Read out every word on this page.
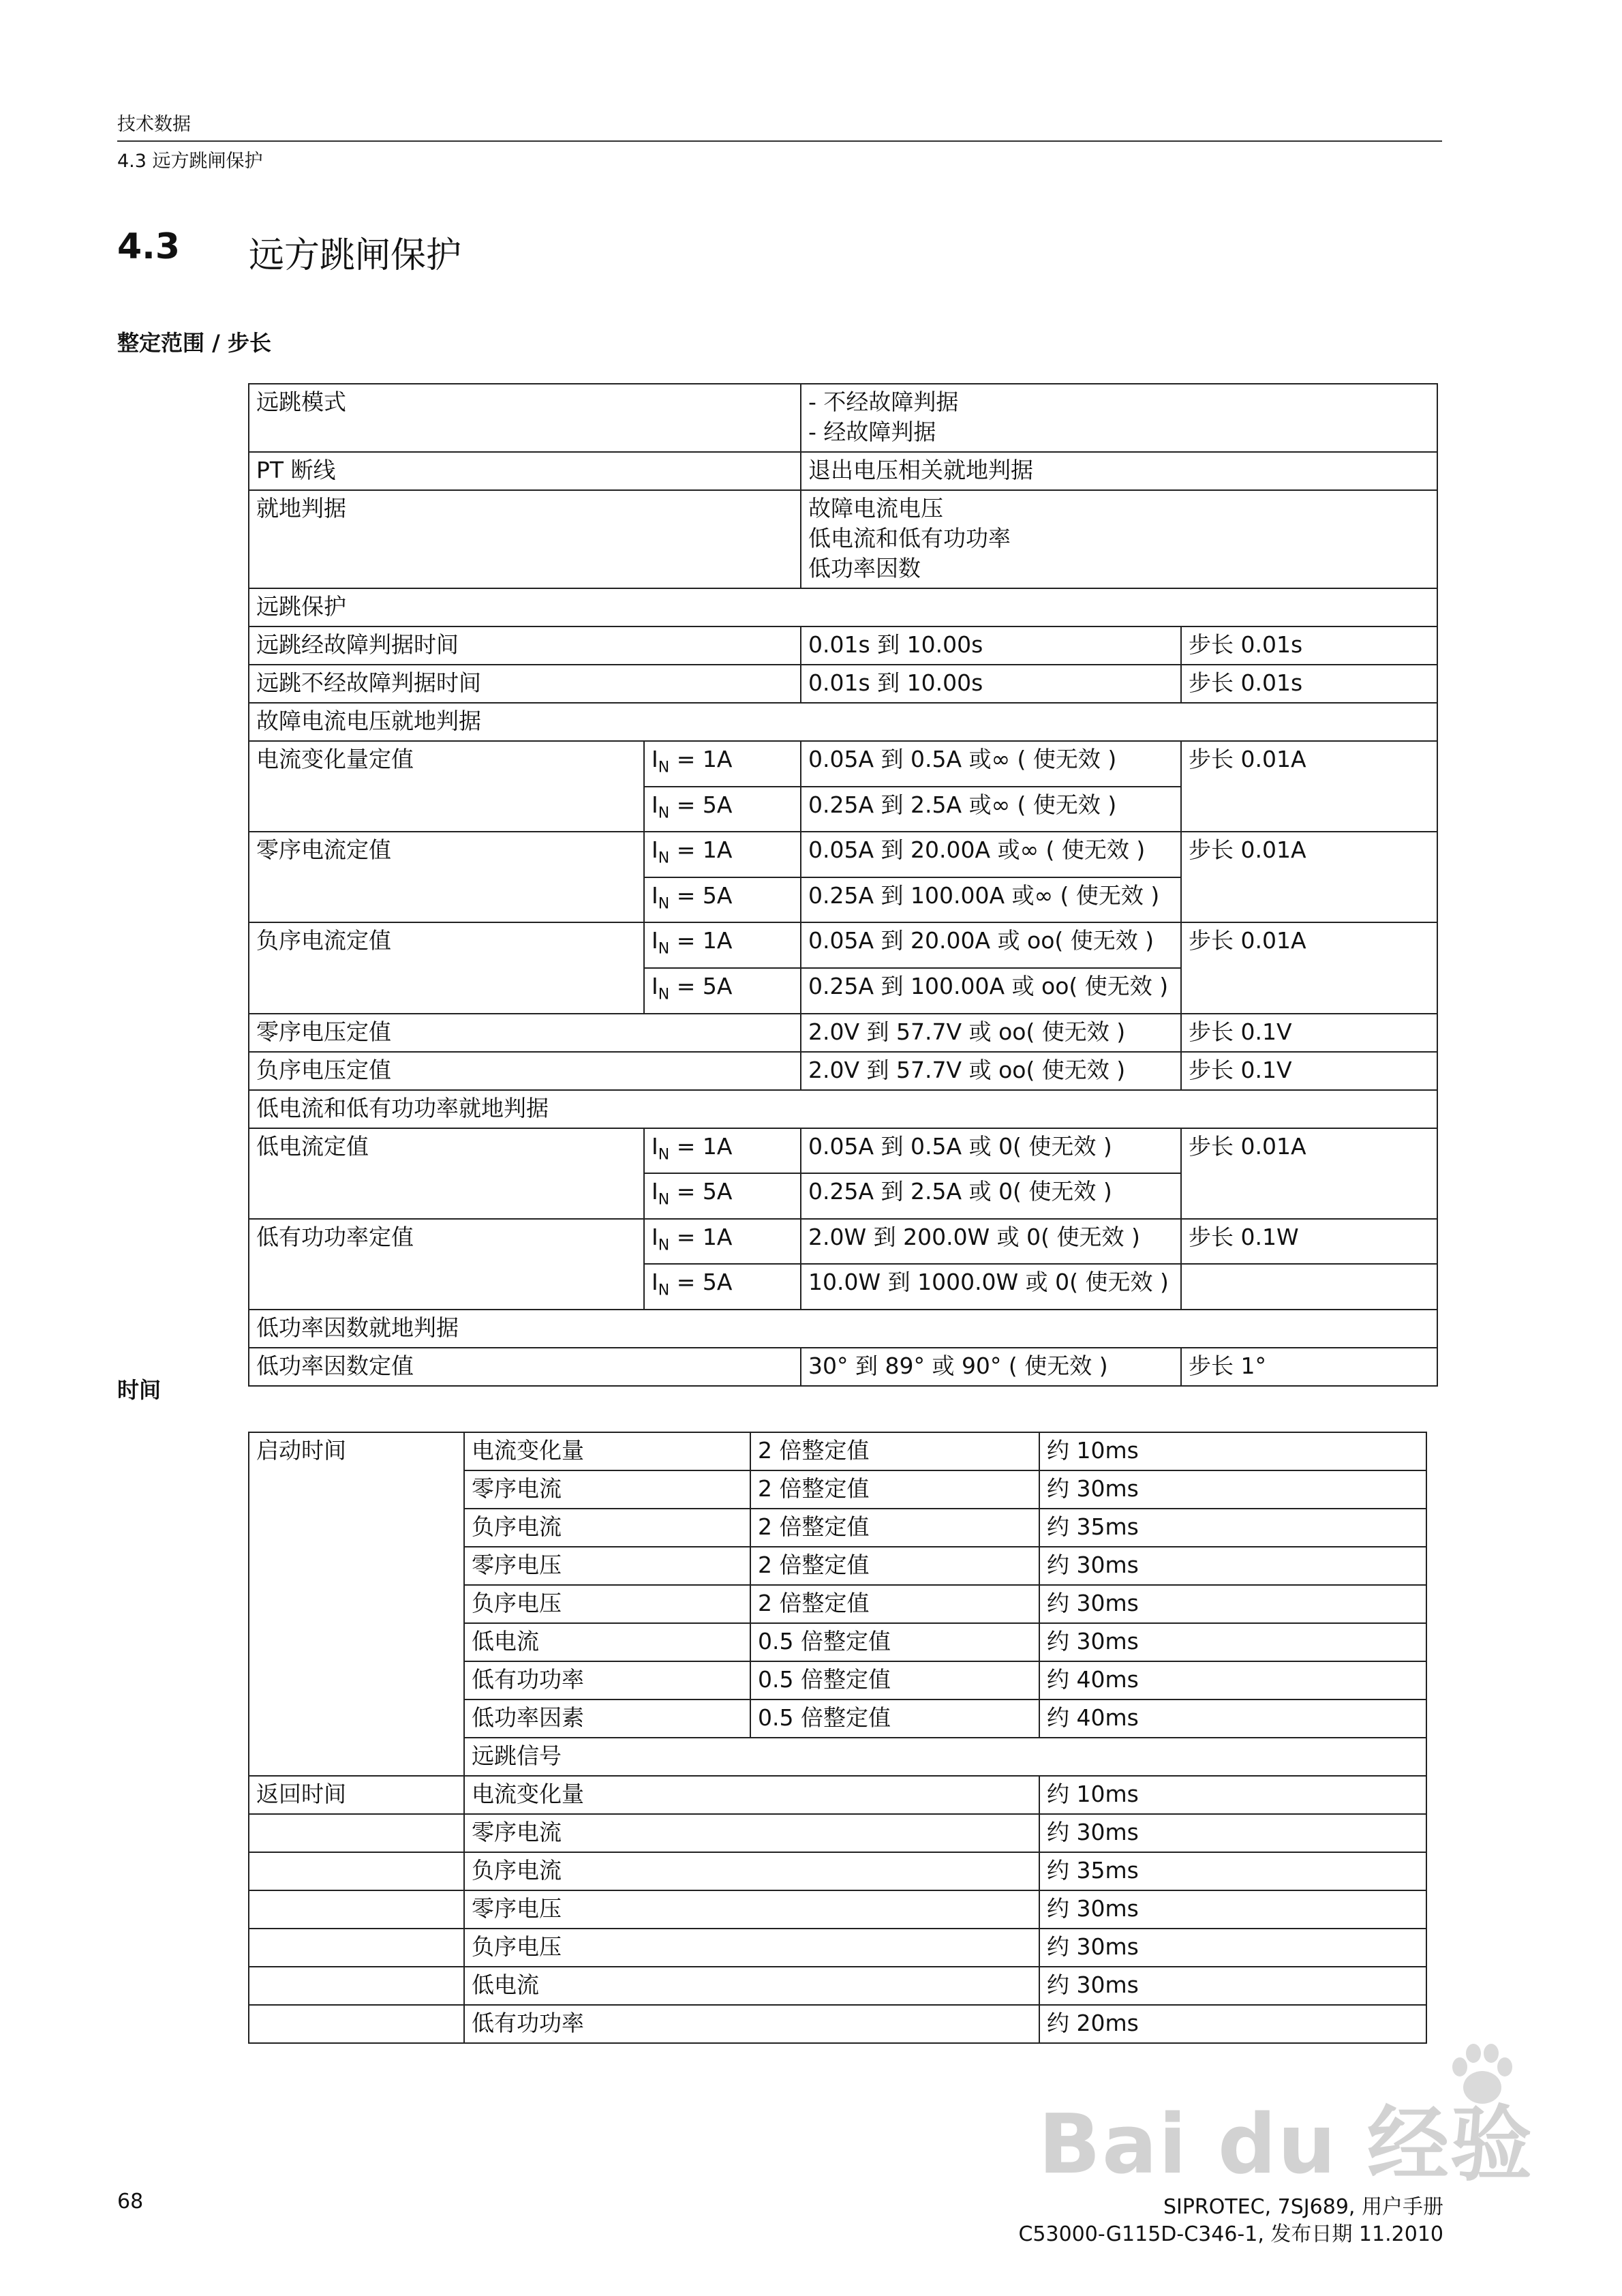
技术数据
4.3 远方跳闸保护
4.3 远方跳闸保护
整定范围 / 步长
远跳模式		- 不经故障判据
- 经故障判据	

PT 断线		退出电压相关就地判据	
就地判据		故障电流电压
低电流和低有功功率
低功率因数	

远跳保护			
远跳经故障判据时间		0.01s 到 10.00s	步长 0.01s
远跳不经故障判据时间		0.01s 到 10.00s	步长 0.01s
故障电流电压就地判据			
电流变化量定值	$I_N = 1A$	0.05A 到 0.5A 或∞ ( 使无效 )	步长 0.01A
	$I_N = 5A$	0.25A 到 2.5A 或∞ ( 使无效 )	
零序电流定值	$I_N = 1A$	0.05A 到 20.00A 或∞ ( 使无效 )	步长 0.01A
	$I_N = 5A$	0.25A 到 100.00A 或∞ ( 使无效 )	
负序电流定值	$I_N = 1A$	0.05A 到 20.00A 或 oo( 使无效 )	步长 0.01A
	$I_N = 5A$	0.25A 到 100.00A 或 oo( 使无效 )	
零序电压定值		2.0V 到 57.7V 或 oo( 使无效 )	步长 0.1V
负序电压定值		2.0V 到 57.7V 或 oo( 使无效 )	步长 0.1V
低电流和低有功功率就地判据			
低电流定值	$I_N = 1A$	0.05A 到 0.5A 或 0( 使无效 )	步长 0.01A
	$I_N = 5A$	0.25A 到 2.5A 或 0( 使无效 )	
低有功功率定值	$I_N = 1A$	2.0W 到 200.0W 或 0( 使无效 )	步长 0.1W
	$I_N = 5A$	10.0W 到 1000.0W 或 0( 使无效 )	
低功率因数就地判据			
低功率因数定值		30° 到 89° 或 90° ( 使无效 )	步长 1°
时间
启动时间	电流变化量	2 倍整定值	约 10ms
	零序电流	2 倍整定值	约 30ms
	负序电流	2 倍整定值	约 35ms
	零序电压	2 倍整定值	约 30ms
	负序电压	2 倍整定值	约 30ms
	低电流	0.5 倍整定值	约 30ms
	低有功功率	0.5 倍整定值	约 40ms
	低功率因素	0.5 倍整定值	约 40ms
	远跳信号		
返回时间	电流变化量		约 10ms
	零序电流		约 30ms
	负序电流		约 35ms
	零序电压		约 30ms
	负序电压		约 30ms
	低电流		约 30ms
	低有功功率		约 20ms
Bai du 经验
68	SIPROTEC, 7SJ689, 用户手册
C53000-G115D-C346-1, 发布日期 11.2010
